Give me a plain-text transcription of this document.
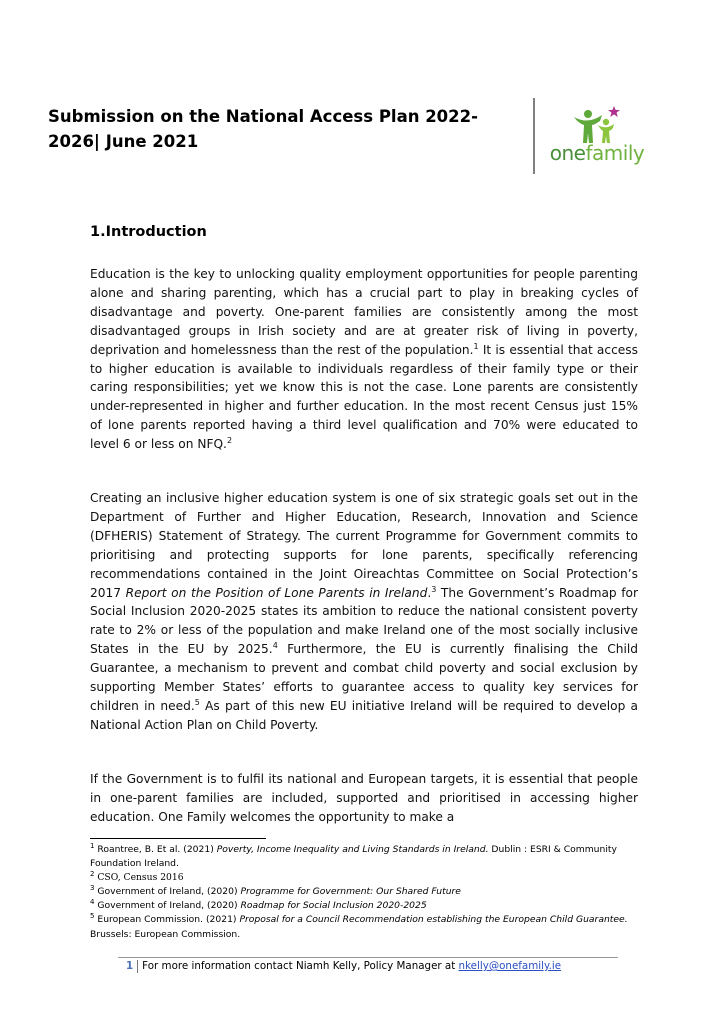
Submission on the National Access Plan 2022-2026| June 2021	onefamily
1.Introduction
Education is the key to unlocking quality employment opportunities for people parenting alone and sharing parenting, which has a crucial part to play in breaking cycles of disadvantage and poverty. One-parent families are consistently among the most disadvantaged groups in Irish society and are at greater risk of living in poverty, deprivation and homelessness than the rest of the population.$^1$ It is essential that access to higher education is available to individuals regardless of their family type or their caring responsibilities; yet we know this is not the case. Lone parents are consistently under-represented in higher and further education. In the most recent Census just 15% of lone parents reported having a third level qualification and 70% were educated to level 6 or less on NFQ.$^2$
Creating an inclusive higher education system is one of six strategic goals set out in the Department of Further and Higher Education, Research, Innovation and Science (DFHERIS) Statement of Strategy. The current Programme for Government commits to prioritising and protecting supports for lone parents, specifically referencing recommendations contained in the Joint Oireachtas Committee on Social Protection’s 2017 Report on the Position of Lone Parents in Ireland.$^3$ The Government’s Roadmap for Social Inclusion 2020-2025 states its ambition to reduce the national consistent poverty rate to 2% or less of the population and make Ireland one of the most socially inclusive States in the EU by 2025.$^4$ Furthermore, the EU is currently finalising the Child Guarantee, a mechanism to prevent and combat child poverty and social exclusion by supporting Member States’ efforts to guarantee access to quality key services for children in need.$^5$ As part of this new EU initiative Ireland will be required to develop a National Action Plan on Child Poverty.
If the Government is to fulfil its national and European targets, it is essential that people in one-parent families are included, supported and prioritised in accessing higher education. One Family welcomes the opportunity to make a

$^1$ Roantree, B. Et al. (2021) Poverty, Income Inequality and Living Standards in Ireland. Dublin : ESRI & Community Foundation Ireland.

$^2$ CSO, Census 2016

$^3$ Government of Ireland, (2020) Programme for Government: Our Shared Future

$^4$ Government of Ireland, (2020) Roadmap for Social Inclusion 2020-2025

$^5$ European Commission. (2021) Proposal for a Council Recommendation establishing the European Child Guarantee. Brussels: European Commission.

1 For more information contact Niamh Kelly, Policy Manager at nkelly@onefamily.ie
